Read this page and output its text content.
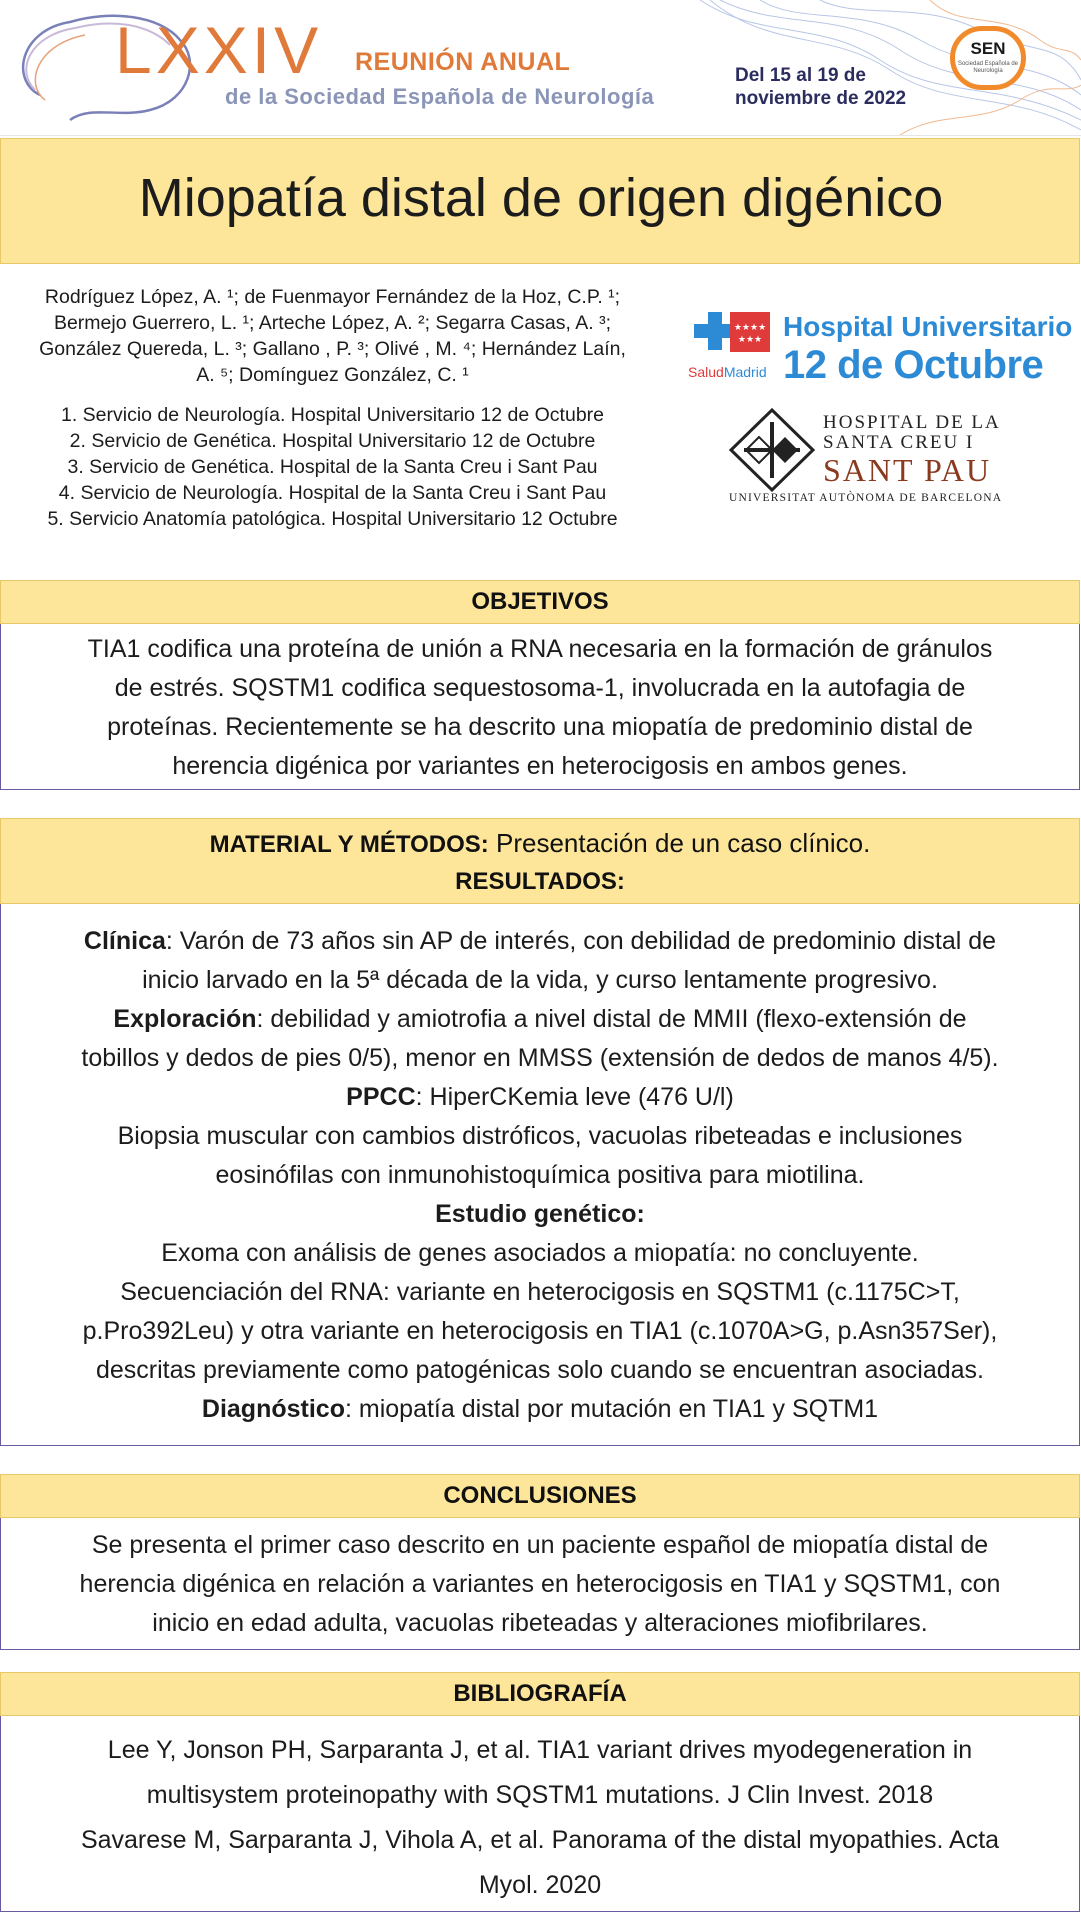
LXXIV REUNIÓN ANUAL
de la Sociedad Española de Neurología
Del 15 al 19 de
noviembre de 2022
SEN
Sociedad Española de Neurología
Miopatía distal de origen digénico
Rodríguez López, A. ¹; de Fuenmayor Fernández de la Hoz, C.P. ¹;
Bermejo Guerrero, L. ¹; Arteche López, A. ²; Segarra Casas, A. ³;
González Quereda, L. ³; Gallano , P. ³; Olivé , M. ⁴; Hernández Laín,
A. ⁵; Domínguez González, C. ¹
1. Servicio de Neurología. Hospital Universitario 12 de Octubre
2. Servicio de Genética. Hospital Universitario 12 de Octubre
3. Servicio de Genética. Hospital de la Santa Creu i Sant Pau
4. Servicio de Neurología. Hospital de la Santa Creu i Sant Pau
5. Servicio Anatomía patológica. Hospital Universitario 12 Octubre
★★★★
★★★
SaludMadrid
Hospital Universitario
12 de Octubre
HOSPITAL DE LA
SANTA CREU I
SANT PAU
UNIVERSITAT AUTÒNOMA DE BARCELONA
OBJETIVOS
TIA1 codifica una proteína de unión a RNA necesaria en la formación de gránulos
de estrés. SQSTM1 codifica sequestosoma-1, involucrada en la autofagia de
proteínas. Recientemente se ha descrito una miopatía de predominio distal de
herencia digénica por variantes en heterocigosis en ambos genes.
MATERIAL Y MÉTODOS: Presentación de un caso clínico.
RESULTADOS:
Clínica: Varón de 73 años sin AP de interés, con debilidad de predominio distal de
inicio larvado en la 5ª década de la vida, y curso lentamente progresivo.
Exploración: debilidad y amiotrofia a nivel distal de MMII (flexo-extensión de
tobillos y dedos de pies 0/5), menor en MMSS (extensión de dedos de manos 4/5).
PPCC: HiperCKemia leve (476 U/l)
Biopsia muscular con cambios distróficos, vacuolas ribeteadas e inclusiones
eosinófilas con inmunohistoquímica positiva para miotilina.
Estudio genético:
Exoma con análisis de genes asociados a miopatía: no concluyente.
Secuenciación del RNA: variante en heterocigosis en SQSTM1 (c.1175C>T,
p.Pro392Leu) y otra variante en heterocigosis en TIA1 (c.1070A>G, p.Asn357Ser),
descritas previamente como patogénicas solo cuando se encuentran asociadas.
Diagnóstico: miopatía distal por mutación en TIA1 y SQTM1
CONCLUSIONES
Se presenta el primer caso descrito en un paciente español de miopatía distal de
herencia digénica en relación a variantes en heterocigosis en TIA1 y SQSTM1, con
inicio en edad adulta, vacuolas ribeteadas y alteraciones miofibrilares.
BIBLIOGRAFÍA
Lee Y, Jonson PH, Sarparanta J, et al. TIA1 variant drives myodegeneration in
multisystem proteinopathy with SQSTM1 mutations. J Clin Invest. 2018
Savarese M, Sarparanta J, Vihola A, et al. Panorama of the distal myopathies. Acta
Myol. 2020
